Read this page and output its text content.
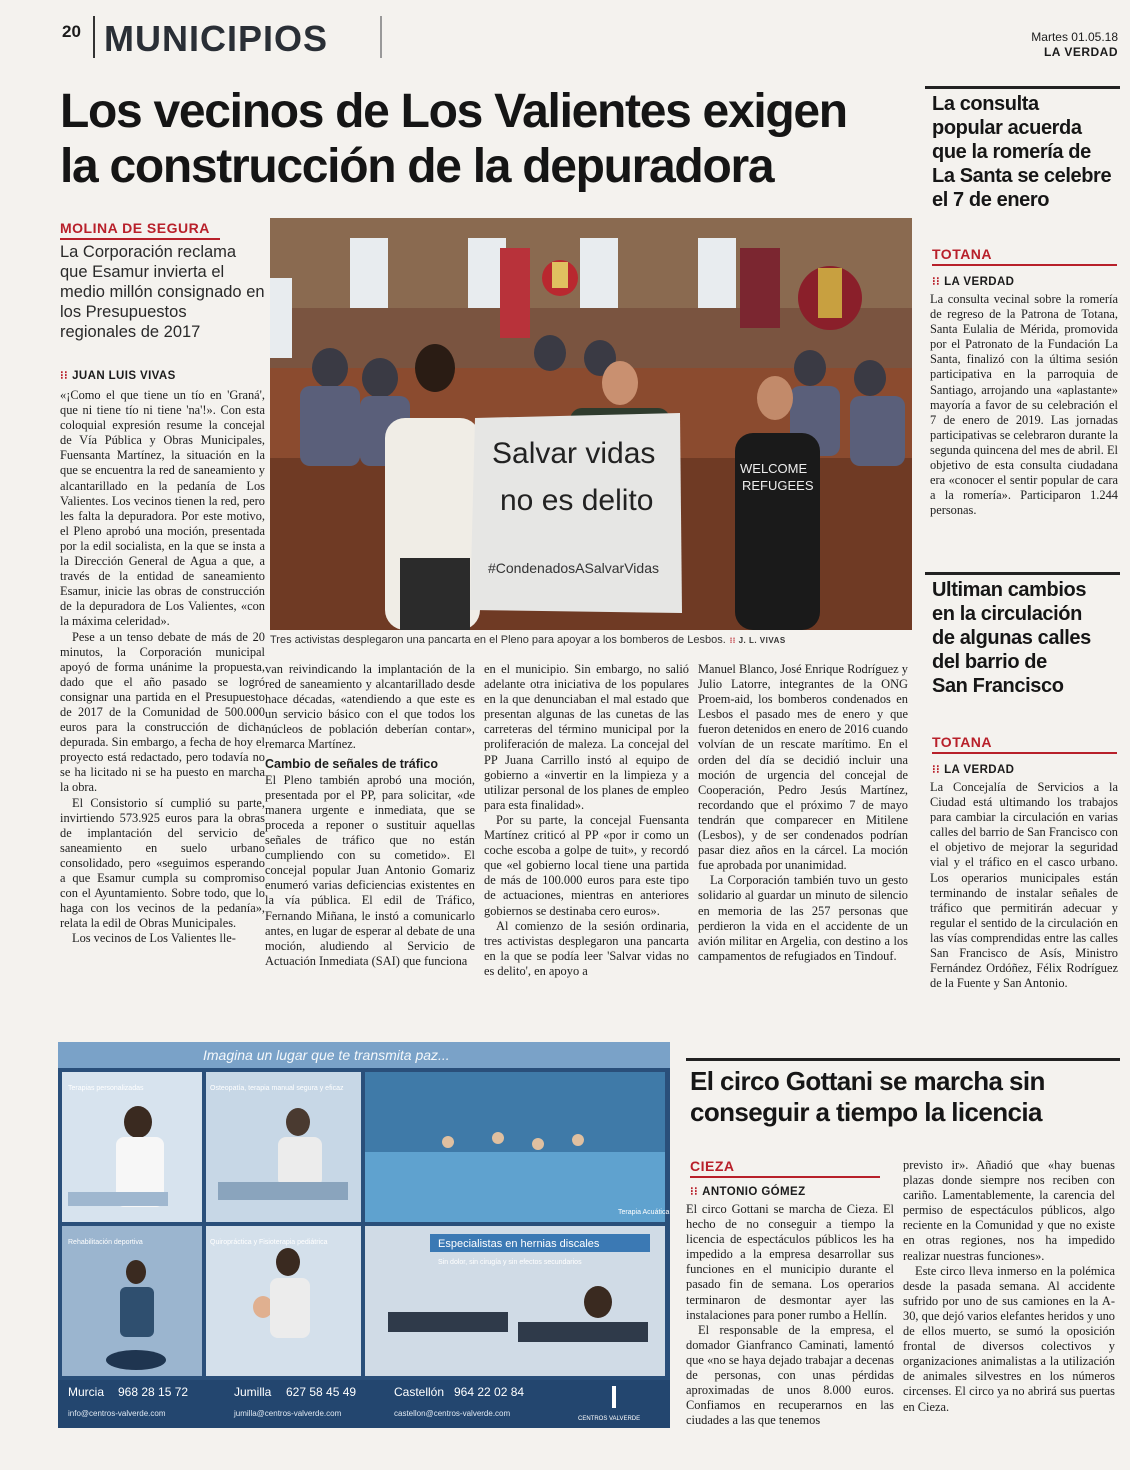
20 MUNICIPIOS	Martes 01.05.18
LA VERDAD
Los vecinos de Los Valientes exigen
la construcción de la depuradora
MOLINA DE SEGURA
La Corporación reclama que Esamur invierta el medio millón consignado en los Presupuestos regionales de 2017
⁝⁝ JUAN LUIS VIVAS
Salvar vidas
no es delito
#CondenadosASalvarVidas
WELCOME
REFUGEES
Tres activistas desplegaron una pancarta en el Pleno para apoyar a los bomberos de Lesbos. ⁝⁝ J. L. VIVAS

«¡Como el que tiene un tío en 'Graná', que ni tiene tío ni tiene 'na'!». Con esta coloquial expresión resume la concejal de Vía Pública y Obras Municipales, Fuensanta Martínez, la situación en la que se encuentra la red de saneamiento y alcantarillado en la pedanía de Los Valientes. Los vecinos tienen la red, pero les falta la depuradora. Por este motivo, el Pleno aprobó una moción, presentada por la edil socialista, en la que se insta a la Dirección General de Agua a que, a través de la entidad de saneamiento Esamur, inicie las obras de construcción de la depuradora de Los Valientes, «con la máxima celeridad».

Pese a un tenso debate de más de 20 minutos, la Corporación municipal apoyó de forma unánime la propuesta, dado que el año pasado se logró consignar una partida en el Presupuesto de 2017 de la Comunidad de 500.000 euros para la construcción de dicha depurada. Sin embargo, a fecha de hoy el proyecto está redactado, pero todavía no se ha licitado ni se ha puesto en marcha la obra.

El Consistorio sí cumplió su parte, invirtiendo 573.925 euros para la obras de implantación del servicio de saneamiento en suelo urbano consolidado, pero «seguimos esperando a que Esamur cumpla su compromiso con el Ayuntamiento. Sobre todo, que lo haga con los vecinos de la pedanía», relata la edil de Obras Municipales.

Los vecinos de Los Valientes lle-

van reivindicando la implantación de la red de saneamiento y alcantarillado desde hace décadas, «atendiendo a que este es un servicio básico con el que todos los núcleos de población deberían contar», remarca Martínez.

Cambio de señales de tráfico

El Pleno también aprobó una moción, presentada por el PP, para solicitar, «de manera urgente e inmediata, que se proceda a reponer o sustituir aquellas señales de tráfico que no están cumpliendo con su cometido». El concejal popular Juan Antonio Gomariz enumeró varias deficiencias existentes en la vía pública. El edil de Tráfico, Fernando Miñana, le instó a comunicarlo antes, en lugar de esperar al debate de una moción, aludiendo al Servicio de Actuación Inmediata (SAI) que funciona

en el municipio. Sin embargo, no salió adelante otra iniciativa de los populares en la que denunciaban el mal estado que presentan algunas de las cunetas de las carreteras del término municipal por la proliferación de maleza. La concejal del PP Juana Carrillo instó al equipo de gobierno a «invertir en la limpieza y a utilizar personal de los planes de empleo para esta finalidad».

Por su parte, la concejal Fuensanta Martínez criticó al PP «por ir como un coche escoba a golpe de tuit», y recordó que «el gobierno local tiene una partida de más de 100.000 euros para este tipo de actuaciones, mientras en anteriores gobiernos se destinaba cero euros».

Al comienzo de la sesión ordinaria, tres activistas desplegaron una pancarta en la que se podía leer 'Salvar vidas no es delito', en apoyo a

Manuel Blanco, José Enrique Rodríguez y Julio Latorre, integrantes de la ONG Proem-aid, los bomberos condenados en Lesbos el pasado mes de enero y que fueron detenidos en enero de 2016 cuando volvían de un rescate marítimo. En el orden del día se decidió incluir una moción de urgencia del concejal de Cooperación, Pedro Jesús Martínez, recordando que el próximo 7 de mayo tendrán que comparecer en Mitilene (Lesbos), y de ser condenados podrían pasar diez años en la cárcel. La moción fue aprobada por unanimidad.

La Corporación también tuvo un gesto solidario al guardar un minuto de silencio en memoria de las 257 personas que perdieron la vida en el accidente de un avión militar en Argelia, con destino a los campamentos de refugiados en Tindouf.

La consulta
popular acuerda
que la romería de
La Santa se celebre
el 7 de enero
TOTANA
⁝⁝ LA VERDAD

La consulta vecinal sobre la romería de regreso de la Patrona de Totana, Santa Eulalia de Mérida, promovida por el Patronato de la Fundación La Santa, finalizó con la última sesión participativa en la parroquia de Santiago, arrojando una «aplastante» mayoría a favor de su celebración el 7 de enero de 2019. Las jornadas participativas se celebraron durante la segunda quincena del mes de abril. El objetivo de esta consulta ciudadana era «conocer el sentir popular de cara a la romería». Participaron 1.244 personas.

Ultiman cambios
en la circulación
de algunas calles
del barrio de
San Francisco
TOTANA
⁝⁝ LA VERDAD

La Concejalía de Servicios a la Ciudad está ultimando los trabajos para cambiar la circulación en varias calles del barrio de San Francisco con el objetivo de mejorar la seguridad vial y el tráfico en el casco urbano. Los operarios municipales están terminando de instalar señales de tráfico que permitirán adecuar y regular el sentido de la circulación en las vías comprendidas entre las calles San Francisco de Asís, Ministro Fernández Ordóñez, Félix Rodríguez de la Fuente y San Antonio.

Imagina un lugar que te transmita paz...
Terapias personalizadas	Osteopatía, terapia manual segura y eficaz
Terapia Acuática
Rehabilitación deportiva	Quiropráctica y Fisioterapia pediátrica	Especialistas en hernias discales
Sin dolor, sin cirugía y sin efectos secundarios
Murcia 968 28 15 72
info@centros-valverde.com
Jumilla 627 58 45 49
jumilla@centros-valverde.com
Castellón 964 22 02 84
castellon@centros-valverde.com
CENTROS VALVERDE
El circo Gottani se marcha sin
conseguir a tiempo la licencia
CIEZA
⁝⁝ ANTONIO GÓMEZ

El circo Gottani se marcha de Cieza. El hecho de no conseguir a tiempo la licencia de espectáculos públicos les ha impedido a la empresa desarrollar sus funciones en el municipio durante el pasado fin de semana. Los operarios terminaron de desmontar ayer las instalaciones para poner rumbo a Hellín.

El responsable de la empresa, el domador Gianfranco Caminati, lamentó que «no se haya dejado trabajar a decenas de personas, con unas pérdidas aproximadas de unos 8.000 euros. Confiamos en recuperarnos en las ciudades a las que tenemos

previsto ir». Añadió que «hay buenas plazas donde siempre nos reciben con cariño. Lamentablemente, la carencia del permiso de espectáculos públicos, algo reciente en la Comunidad y que no existe en otras regiones, nos ha impedido realizar nuestras funciones».

Este circo lleva inmerso en la polémica desde la pasada semana. Al accidente sufrido por uno de sus camiones en la A-30, que dejó varios elefantes heridos y uno de ellos muerto, se sumó la oposición frontal de diversos colectivos y organizaciones animalistas a la utilización de animales silvestres en los números circenses. El circo ya no abrirá sus puertas en Cieza.
